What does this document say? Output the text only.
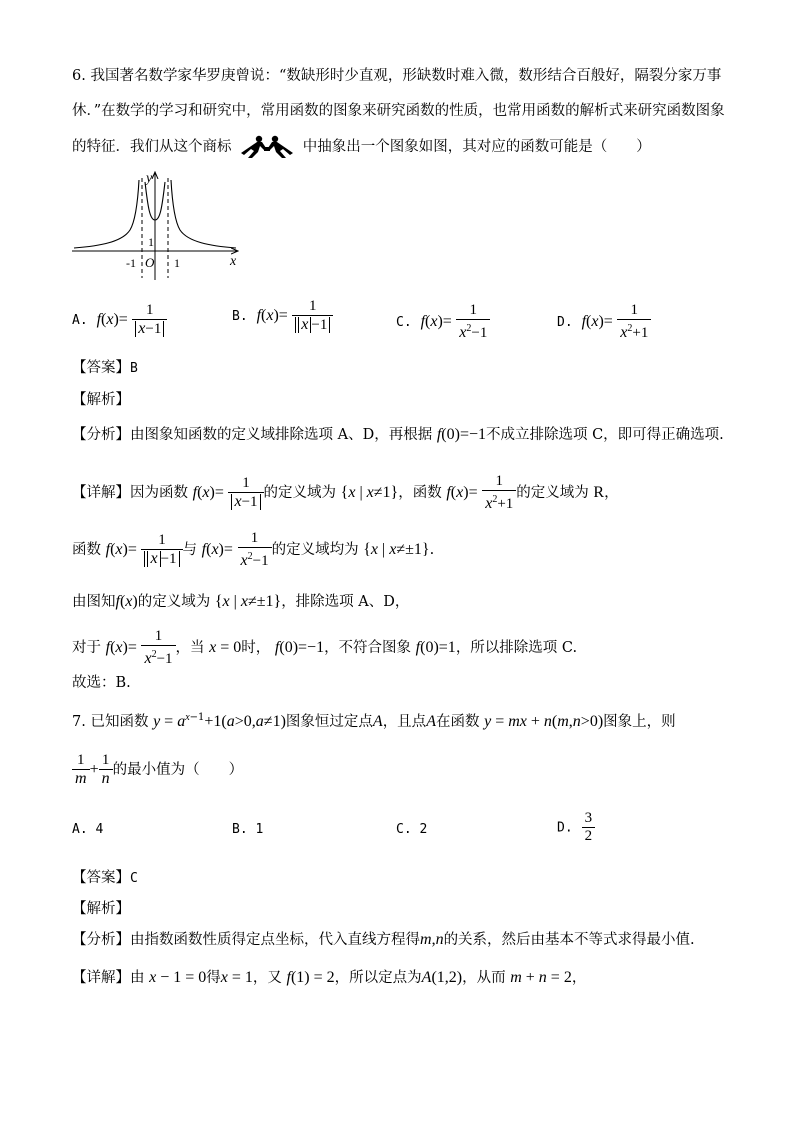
6. 我国著名数学家华罗庚曾说：“数缺形时少直观，形缺数时难入微，数形结合百般好，隔裂分家万事
休．”在数学的学习和研究中，常用函数的图象来研究函数的性质，也常用函数的解析式来研究函数图象
的特征．我们从这个商标	中抽象出一个图象如图，其对应的函数可能是（　　）
y
x
O
1
-1	1
A. $f(x)= \frac{1}{x-1}$	B. $f(x)= \frac{1}{x -1}$	C. $f(x)= \frac{1}{x^2-1}$	D. $f(x)= \frac{1}{x^2+1}$
【答案】B
【解析】
【分析】由图象知函数的定义域排除选项 A、D，再根据 f(0)=−1不成立排除选项 C，即可得正确选项.
【详解】因为函数 $f(x)= \frac{1}{x-1}$ 的定义域为 {x | x≠1}，函数 $f(x)= \frac{1}{x^2+1}$ 的定义域为 R，
函数 $f(x)= \frac{1}{x -1}$ 与 $f(x)= \frac{1}{x^2-1}$ 的定义域均为 {x | x≠±1}.
由图知f(x)的定义域为 {x | x≠±1}，排除选项 A、D，
对于 $f(x)= \frac{1}{x^2-1}$ ，当 x = 0时， f(0)=−1，不符合图象 f(0)=1，所以排除选项 C.
故选：B.
7. 已知函数 $y = a^{x-1}+1(a>0,a\ne 1)$图象恒过定点A，且点A在函数 y = mx + n(m,n>0)图象上，则
$\frac{1}{m} + \frac{1}{n}$ 的最小值为（　　）
A. 4	B. 1	C. 2	D. $\frac{3}{2}$
【答案】C
【解析】
【分析】由指数函数性质得定点坐标，代入直线方程得m,n的关系，然后由基本不等式求得最小值.
【详解】由 x − 1 = 0得x = 1，又 f(1) = 2，所以定点为A(1,2)，从而 m + n = 2，
